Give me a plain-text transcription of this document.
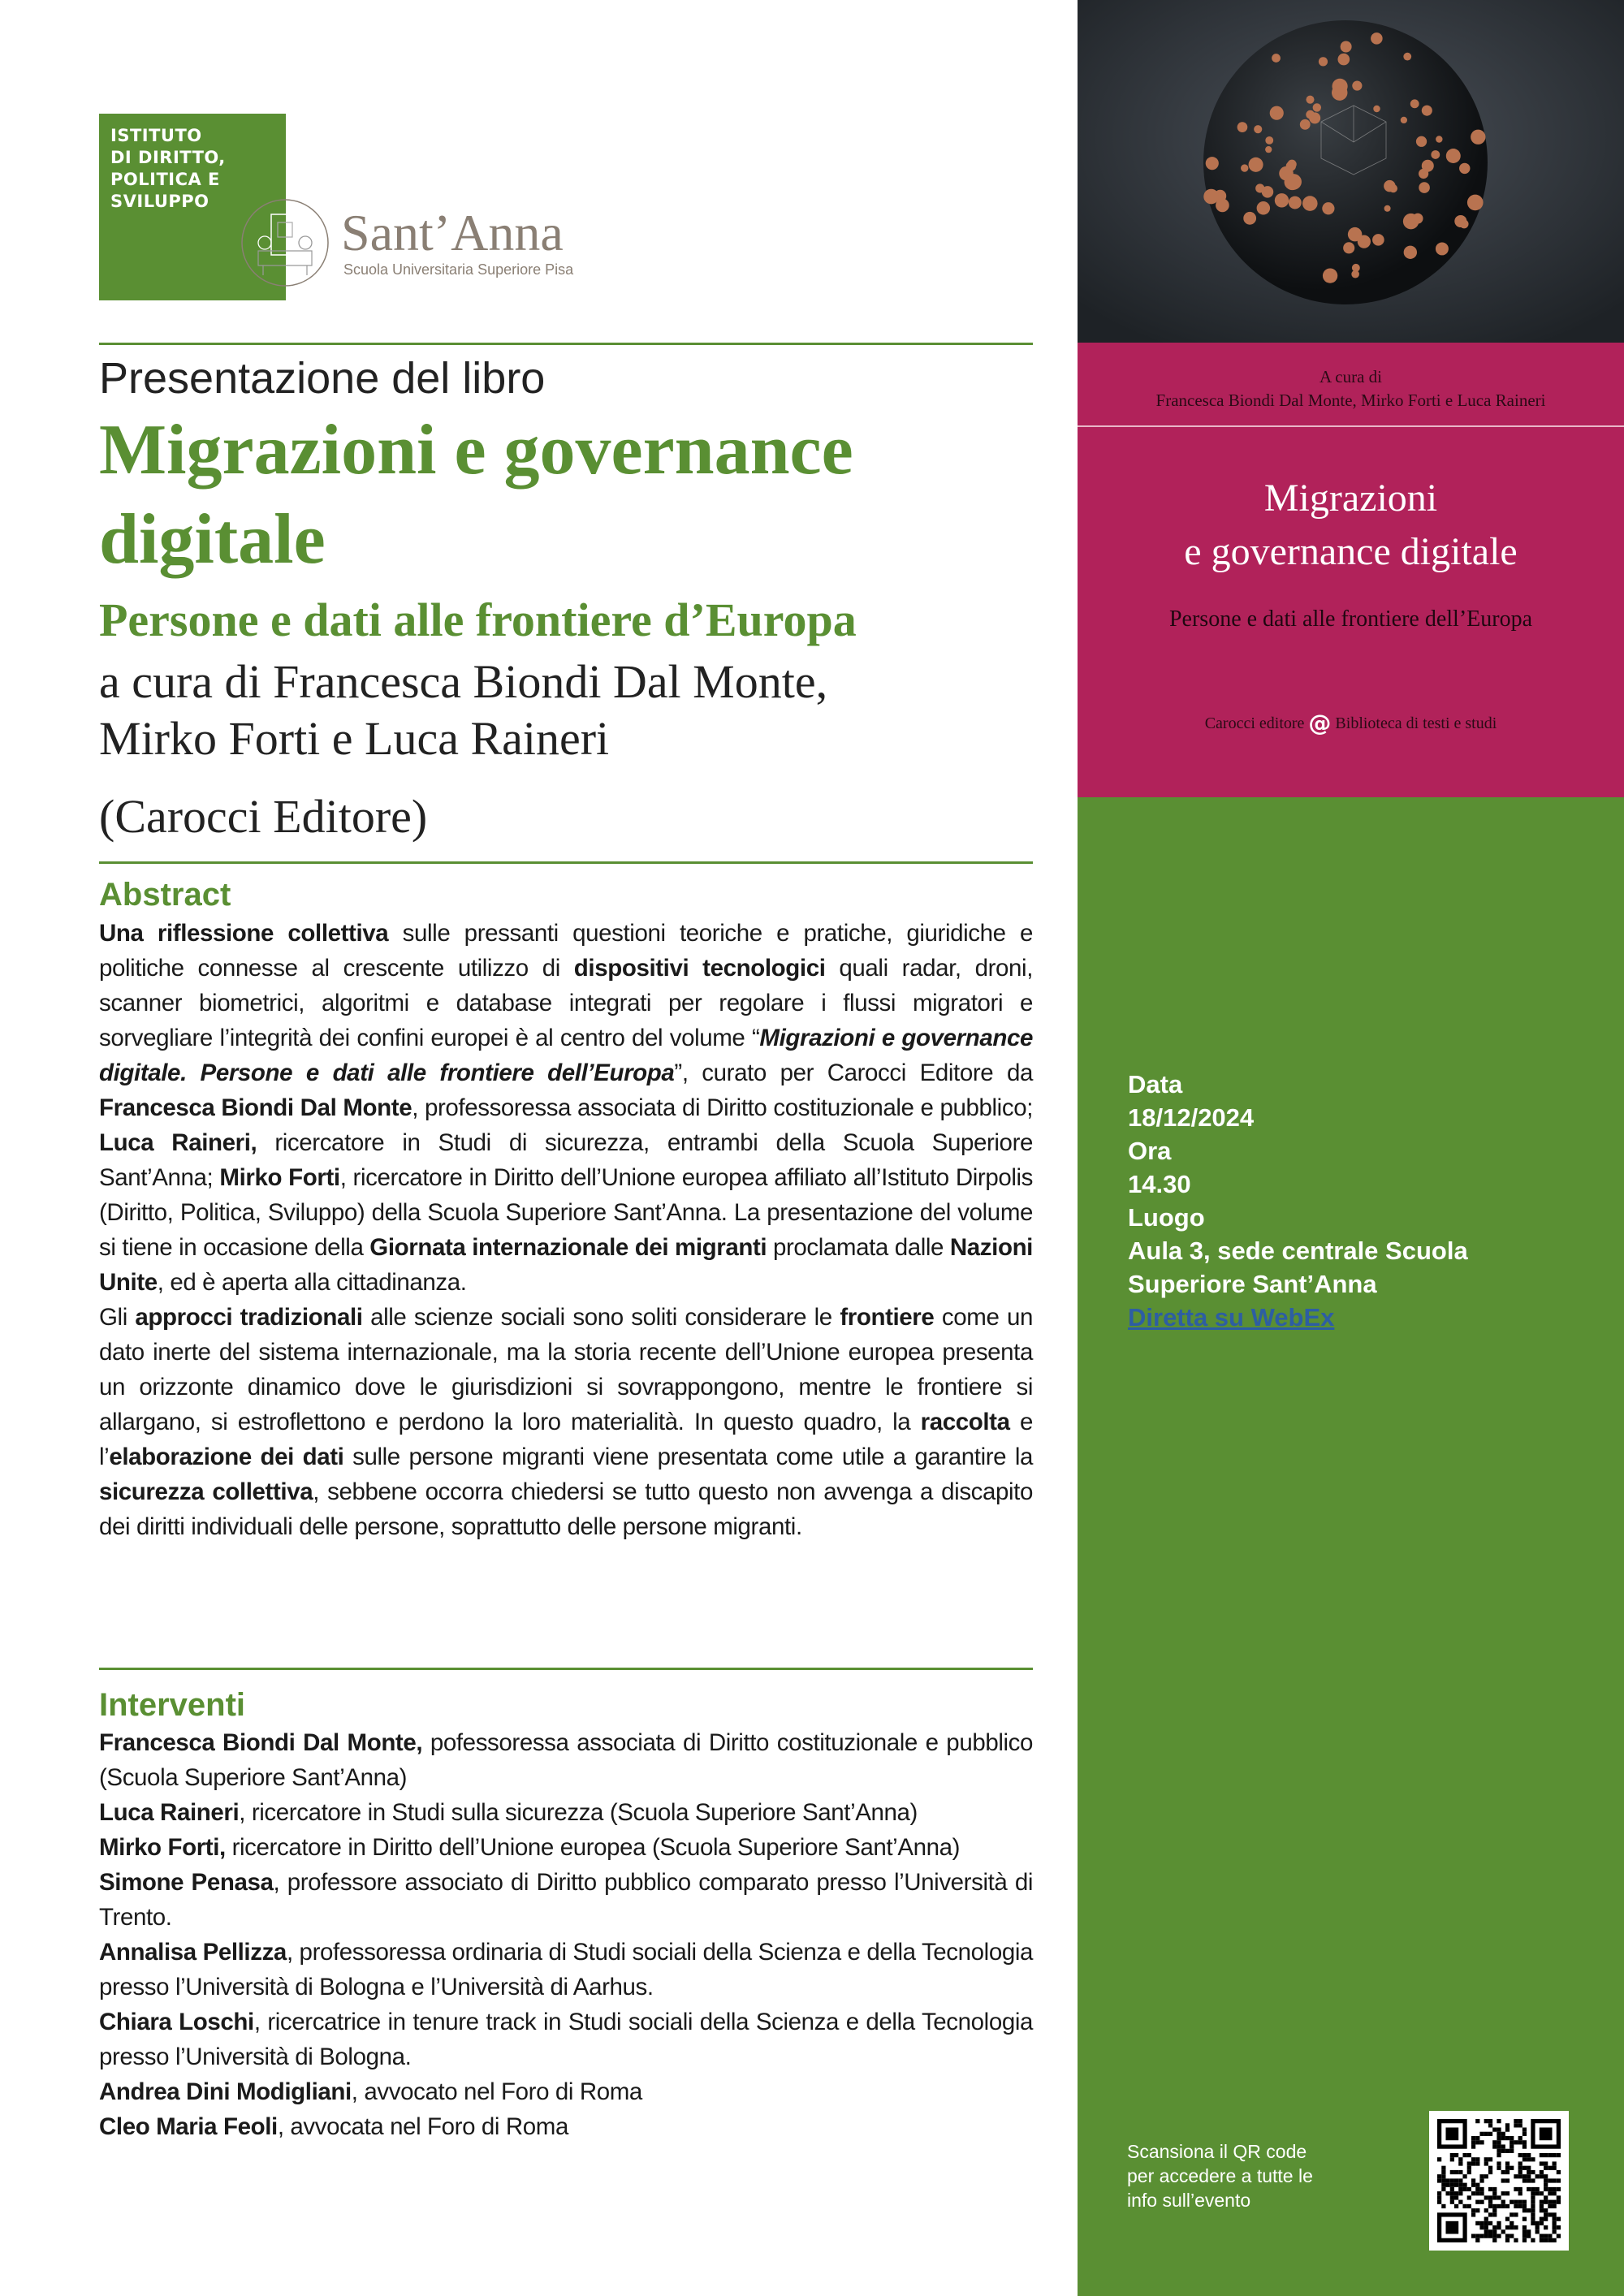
ISTITUTO
DI DIRITTO,
POLITICA E
SVILUPPO
Sant’Anna
Scuola Universitaria Superiore Pisa
Presentazione del libro
Migrazioni e governance digitale
Persone e dati alle frontiere d’Europa
a cura di Francesca Biondi Dal Monte,
Mirko Forti e Luca Raineri
(Carocci Editore)
Abstract
Una riflessione collettiva sulle pressanti questioni teoriche e pratiche, giuridiche e politiche connesse al crescente utilizzo di dispositivi tecnologici quali radar, droni, scanner biometrici, algoritmi e database integrati per regolare i flussi migratori e sorvegliare l’integrità dei confini europei è al centro del volume “Migrazioni e governance digitale. Persone e dati alle frontiere dell’Europa”, curato per Carocci Editore da Francesca Biondi Dal Monte, professoressa associata di Diritto costituzionale e pubblico; Luca Raineri, ricercatore in Studi di sicurezza, entrambi della Scuola Superiore Sant’Anna; Mirko Forti, ricercatore in Diritto dell’Unione europea affiliato all’Istituto Dirpolis (Diritto, Politica, Sviluppo) della Scuola Superiore Sant’Anna. La presentazione del volume si tiene in occasione della Giornata internazionale dei migranti proclamata dalle Nazioni Unite, ed è aperta alla cittadinanza.
Gli approcci tradizionali alle scienze sociali sono soliti considerare le frontiere come un dato inerte del sistema internazionale, ma la storia recente dell’Unione europea presenta un orizzonte dinamico dove le giurisdizioni si sovrappongono, mentre le frontiere si allargano, si estroflettono e perdono la loro materialità. In questo quadro, la raccolta e l’elaborazione dei dati sulle persone migranti viene presentata come utile a garantire la sicurezza collettiva, sebbene occorra chiedersi se tutto questo non avvenga a discapito dei diritti individuali delle persone, soprattutto delle persone migranti.
Interventi
Francesca Biondi Dal Monte, pofessoressa associata di Diritto costituzionale e pubblico (Scuola Superiore Sant’Anna)
Luca Raineri, ricercatore in Studi sulla sicurezza (Scuola Superiore Sant’Anna)
Mirko Forti, ricercatore in Diritto dell’Unione europea (Scuola Superiore Sant’Anna)
Simone Penasa, professore associato di Diritto pubblico comparato presso l’Università di Trento.
Annalisa Pellizza, professoressa ordinaria di Studi sociali della Scienza e della Tecnologia presso l’Università di Bologna e l’Università di Aarhus.
Chiara Loschi, ricercatrice in tenure track in Studi sociali della Scienza e della Tecnologia presso l’Università di Bologna.
Andrea Dini Modigliani, avvocato nel Foro di Roma
Cleo Maria Feoli, avvocata nel Foro di Roma
A cura di
Francesca Biondi Dal Monte, Mirko Forti e Luca Raineri
Migrazioni
e governance digitale
Persone e dati alle frontiere dell’Europa
Carocci editore @ Biblioteca di testi e studi
Data
18/12/2024
Ora
14.30
Luogo
Aula 3, sede centrale Scuola
Superiore Sant’Anna
Diretta su WebEx
Scansiona il QR code
per accedere a tutte le
info sull’evento
